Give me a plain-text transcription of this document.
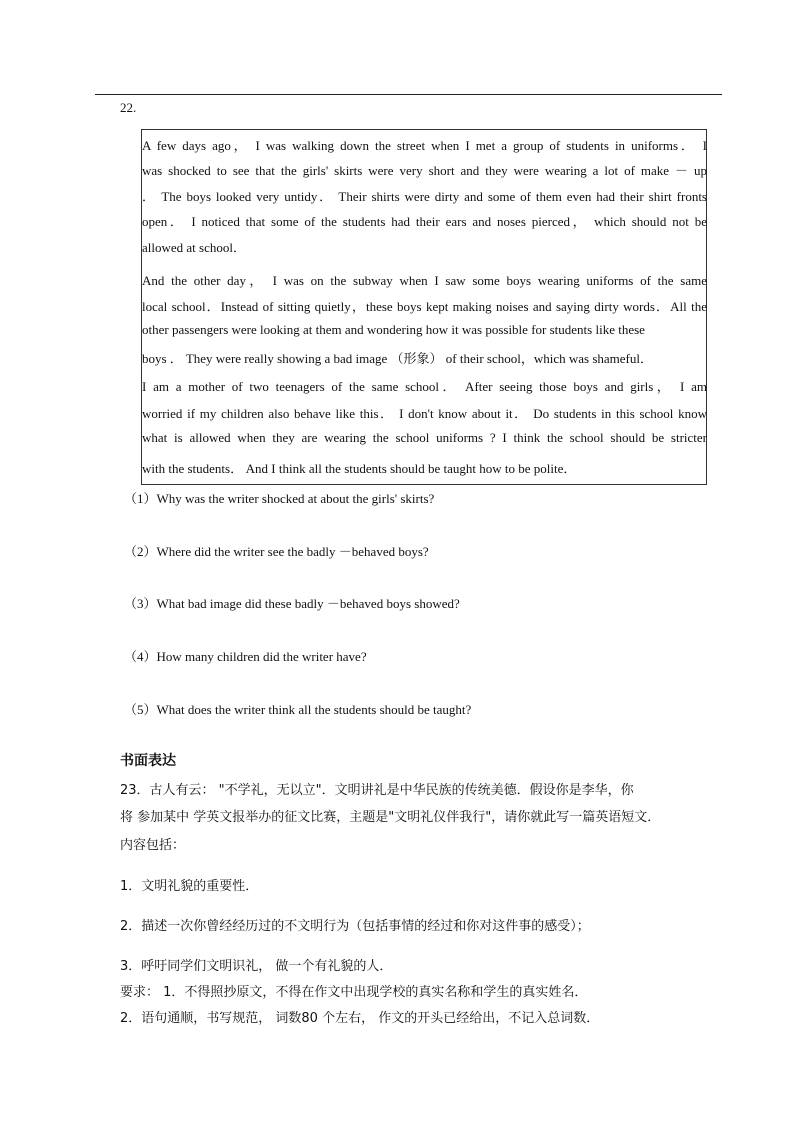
22.
A few days ago， I was walking down the street when I met a group of students in uniforms． I
was shocked to see that the girls' skirts were very short and they were wearing a lot of make － up
． The boys looked very untidy． Their shirts were dirty and some of them even had their shirt fronts
open． I noticed that some of the students had their ears and noses pierced， which should not be
allowed at school．
And the other day， I was on the subway when I saw some boys wearing uniforms of the same
local school．Instead of sitting quietly，these boys kept making noises and saying dirty words．All the
other passengers were looking at them and wondering how it was possible for students like these
boys ． They were really showing a bad image （形象） of their school，which was shameful．
I am a mother of two teenagers of the same school． After seeing those boys and girls， I am
worried if my children also behave like this． I don't know about it． Do students in this school know
what is allowed when they are wearing the school uniforms ? I think the school should be stricter
with the students． And I think all the students should be taught how to be polite．
（1）Why was the writer shocked at about the girls' skirts?
（2）Where did the writer see the badly －behaved boys?
（3）What bad image did these badly －behaved boys showed?
（4）How many children did the writer have?
（5）What does the writer think all the students should be taught?
书面表达
23．古人有云： "不学礼，无以立"．文明讲礼是中华民族的传统美德．假设你是李华，你
将 参加某中 学英文报举办的征文比赛，主题是"文明礼仪伴我行"，请你就此写一篇英语短文．
内容包括：
1．文明礼貌的重要性．
2．描述一次你曾经经历过的不文明行为（包括事情的经过和你对这件事的感受）；
3．呼吁同学们文明识礼， 做一个有礼貌的人．
要求： 1．不得照抄原文，不得在作文中出现学校的真实名称和学生的真实姓名．
2．语句通顺，书写规范， 词数80 个左右， 作文的开头已经给出，不记入总词数．
